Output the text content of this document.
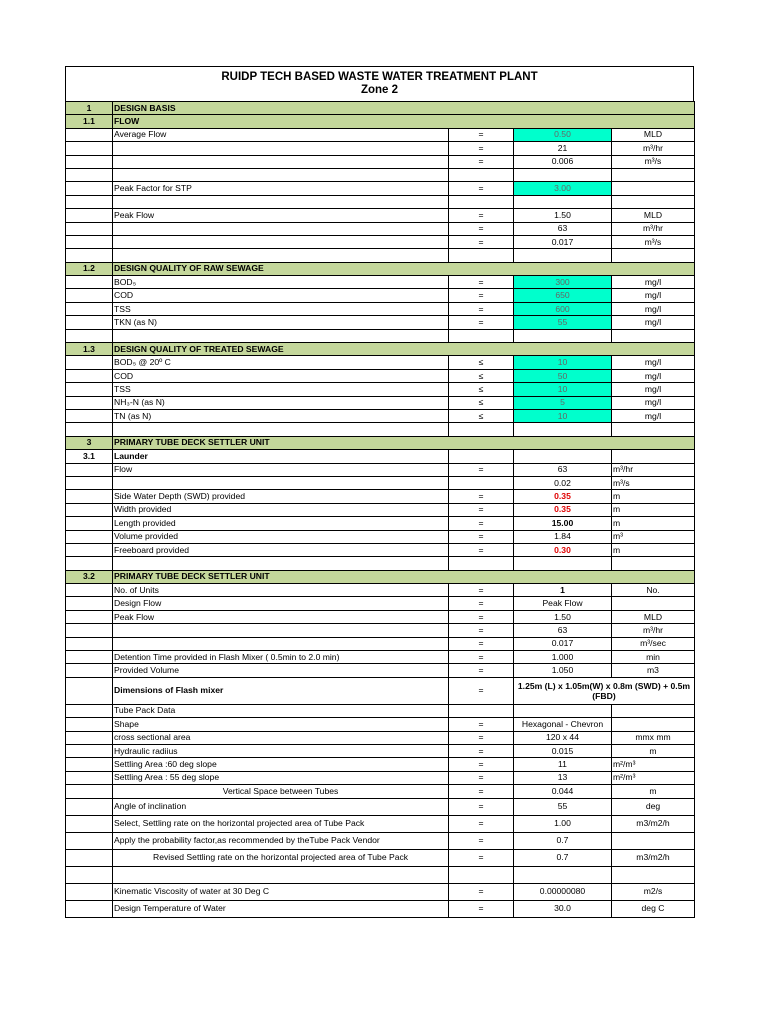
RUIDP TECH BASED WASTE WATER TREATMENT PLANT
Zone 2
1	DESIGN BASIS			
1.1	FLOW			
	Average Flow	=	0.50	MLD
		=	21	m³/hr
		=	0.006	m³/s

	Peak Factor for STP	=	3.00	

	Peak Flow	=	1.50	MLD
		=	63	m³/hr
		=	0.017	m³/s

1.2	DESIGN QUALITY OF RAW SEWAGE			
	BOD₅	=	300	mg/l
	COD	=	650	mg/l
	TSS	=	600	mg/l
	TKN (as N)	=	55	mg/l

1.3	DESIGN QUALITY OF TREATED SEWAGE			
	BOD₅ @ 20º C	≤	10	mg/l
	COD	≤	50	mg/l
	TSS	≤	10	mg/l
	NH₃-N (as N)	≤	5	mg/l
	TN (as N)	≤	10	mg/l

3	PRIMARY TUBE DECK SETTLER UNIT			
3.1	Launder			
	Flow	=	63	m³/hr
			0.02	m³/s
	Side Water Depth (SWD) provided	=	0.35	m
	Width provided	=	0.35	m
	Length provided	=	15.00	m
	Volume provided	=	1.84	m³
	Freeboard provided	=	0.30	m

3.2	PRIMARY TUBE DECK SETTLER UNIT			
	No. of Units	=	1	No.
	Design Flow	=	Peak Flow	
	Peak Flow	=	1.50	MLD
		=	63	m³/hr
		=	0.017	m³/sec
	Detention Time provided in Flash Mixer ( 0.5min to 2.0 min)	=	1.000	min
	Provided Volume	=	1.050	m3
	Dimensions of Flash mixer	=	1.25m (L) x 1.05m(W) x 0.8m (SWD) + 0.5m (FBD)	
	Tube Pack Data			
	Shape	=	Hexagonal - Chevron	
	cross sectional area	=	120 x 44	mmx mm
	Hydraulic radiius	=	0.015	m
	Settling Area :60 deg slope	=	11	m²/m³
	Settling Area : 55 deg slope	=	13	m²/m³
	Vertical Space between Tubes	=	0.044	m
	Angle of inclination	=	55	deg
	Select, Settling rate on the horizontal projected area of Tube Pack	=	1.00	m3/m2/h
	Apply the probability factor,as recommended by theTube Pack Vendor	=	0.7	
	Revised Settling rate on the horizontal projected area of Tube Pack	=	0.7	m3/m2/h

	Kinematic Viscosity of water at 30 Deg C	=	0.00000080	m2/s
	Design Temperature of Water	=	30.0	deg C
